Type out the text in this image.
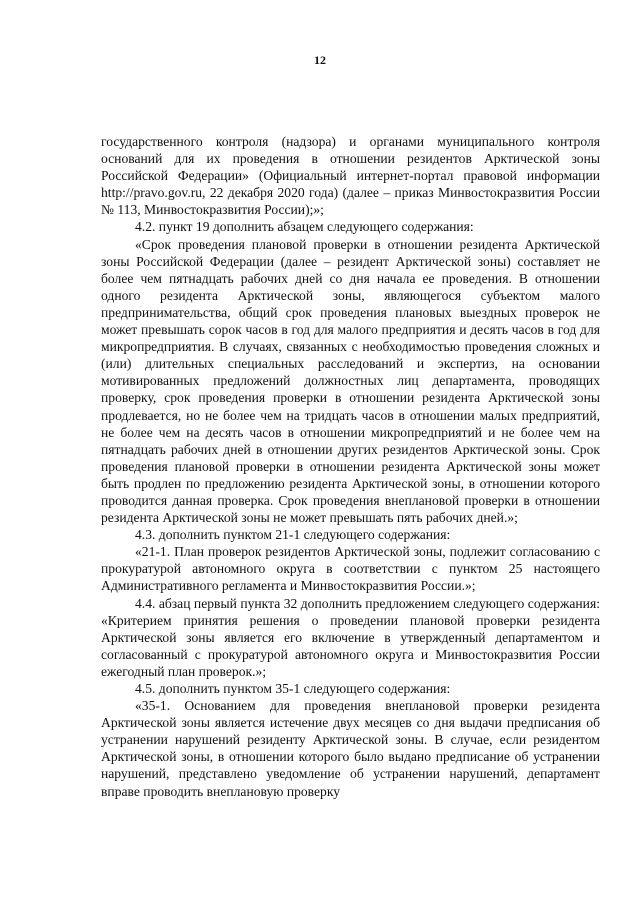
12

государственного контроля (надзора) и органами муниципального контроля оснований для их проведения в отношении резидентов Арктической зоны Российской Федерации» (Официальный интернет-портал правовой информации http://pravo.gov.ru, 22 декабря 2020 года) (далее – приказ Минвостокразвития России № 113, Минвостокразвития России);»;

4.2. пункт 19 дополнить абзацем следующего содержания:

«Срок проведения плановой проверки в отношении резидента Арктической зоны Российской Федерации (далее – резидент Арктической зоны) составляет не более чем пятнадцать рабочих дней со дня начала ее проведения. В отношении одного резидента Арктической зоны, являющегося субъектом малого предпринимательства, общий срок проведения плановых выездных проверок не может превышать сорок часов в год для малого предприятия и десять часов в год для микропредприятия. В случаях, связанных с необходимостью проведения сложных и (или) длительных специальных расследований и экспертиз, на основании мотивированных предложений должностных лиц департамента, проводящих проверку, срок проведения проверки в отношении резидента Арктической зоны продлевается, но не более чем на тридцать часов в отношении малых предприятий, не более чем на десять часов в отношении микропредприятий и не более чем на пятнадцать рабочих дней в отношении других резидентов Арктической зоны. Срок проведения плановой проверки в отношении резидента Арктической зоны может быть продлен по предложению резидента Арктической зоны, в отношении которого проводится данная проверка. Срок проведения внеплановой проверки в отношении резидента Арктической зоны не может превышать пять рабочих дней.»;

4.3. дополнить пунктом 21-1 следующего содержания:

«21-1. План проверок резидентов Арктической зоны, подлежит согласованию с прокуратурой автономного округа в соответствии с пунктом 25 настоящего Административного регламента и Минвостокразвития России.»;

4.4. абзац первый пункта 32 дополнить предложением следующего содержания: «Критерием принятия решения о проведении плановой проверки резидента Арктической зоны является его включение в утвержденный департаментом и согласованный с прокуратурой автономного округа и Минвостокразвития России ежегодный план проверок.»;

4.5. дополнить пунктом 35-1 следующего содержания:

«35-1. Основанием для проведения внеплановой проверки резидента Арктической зоны является истечение двух месяцев со дня выдачи предписания об устранении нарушений резиденту Арктической зоны. В случае, если резидентом Арктической зоны, в отношении которого было выдано предписание об устранении нарушений, представлено уведомление об устранении нарушений, департамент вправе проводить внеплановую проверку
